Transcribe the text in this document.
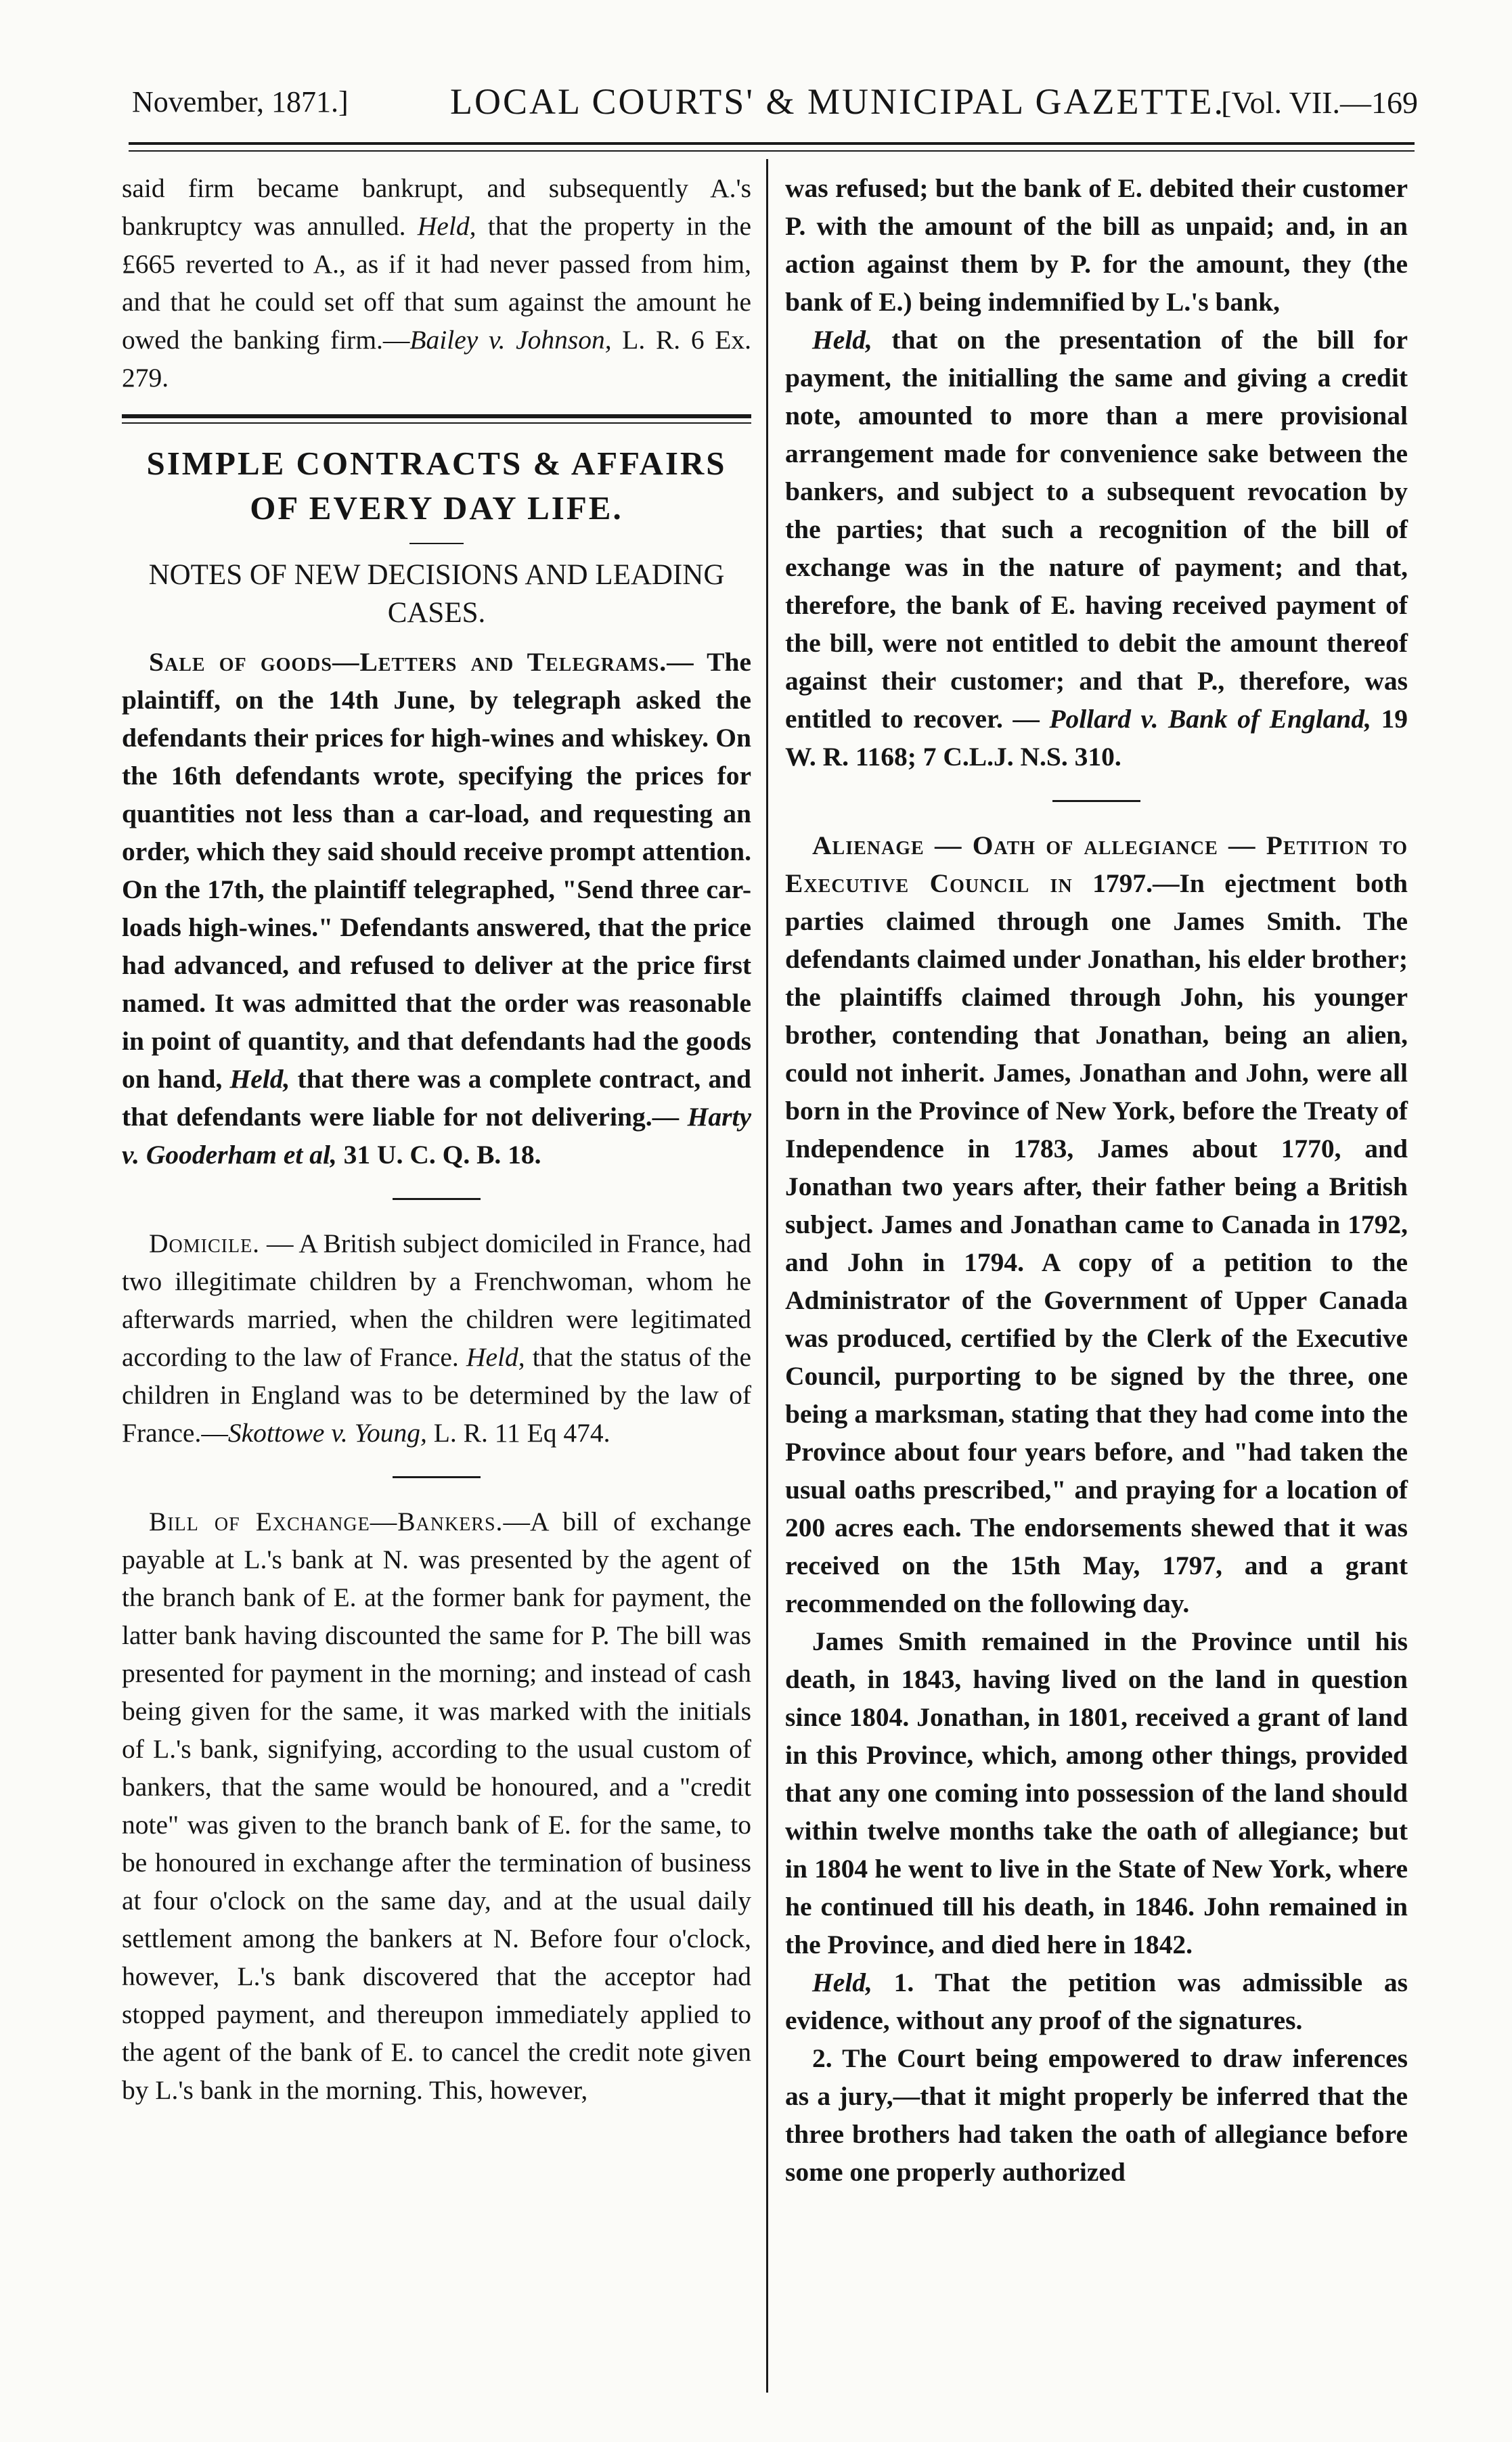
November, 1871.]	LOCAL COURTS' & MUNICIPAL GAZETTE.
[Vol. VII.—169

said firm became bankrupt, and subsequently A.'s bankruptcy was annulled. Held, that the property in the £665 reverted to A., as if it had never passed from him, and that he could set off that sum against the amount he owed the banking firm.—Bailey v. Johnson, L. R. 6 Ex. 279.

SIMPLE CONTRACTS & AFFAIRS

OF EVERY DAY LIFE.

NOTES OF NEW DECISIONS AND LEADING

CASES.

Sale of goods—Letters and Telegrams.— The plaintiff, on the 14th June, by telegraph asked the defendants their prices for high-wines and whiskey. On the 16th defendants wrote, specifying the prices for quantities not less than a car-load, and requesting an order, which they said should receive prompt attention. On the 17th, the plaintiff telegraphed, "Send three car-loads high-wines." Defendants answered, that the price had advanced, and refused to deliver at the price first named. It was admitted that the order was reasonable in point of quantity, and that defendants had the goods on hand, Held, that there was a complete contract, and that defendants were liable for not delivering.— Harty v. Gooderham et al, 31 U. C. Q. B. 18.

Domicile. — A British subject domiciled in France, had two illegitimate children by a Frenchwoman, whom he afterwards married, when the children were legitimated according to the law of France. Held, that the status of the children in England was to be determined by the law of France.—Skottowe v. Young, L. R. 11 Eq 474.

Bill of Exchange—Bankers.—A bill of exchange payable at L.'s bank at N. was presented by the agent of the branch bank of E. at the former bank for payment, the latter bank having discounted the same for P. The bill was presented for payment in the morning; and instead of cash being given for the same, it was marked with the initials of L.'s bank, signifying, according to the usual custom of bankers, that the same would be honoured, and a "credit note" was given to the branch bank of E. for the same, to be honoured in exchange after the termination of business at four o'clock on the same day, and at the usual daily settlement among the bankers at N. Before four o'clock, however, L.'s bank discovered that the acceptor had stopped payment, and thereupon immediately applied to the agent of the bank of E. to cancel the credit note given by L.'s bank in the morning. This, however,

was refused; but the bank of E. debited their customer P. with the amount of the bill as unpaid; and, in an action against them by P. for the amount, they (the bank of E.) being indemnified by L.'s bank,

Held, that on the presentation of the bill for payment, the initialling the same and giving a credit note, amounted to more than a mere provisional arrangement made for convenience sake between the bankers, and subject to a subsequent revocation by the parties; that such a recognition of the bill of exchange was in the nature of payment; and that, therefore, the bank of E. having received payment of the bill, were not entitled to debit the amount thereof against their customer; and that P., therefore, was entitled to recover. — Pollard v. Bank of England, 19 W. R. 1168; 7 C.L.J. N.S. 310.

Alienage — Oath of allegiance — Petition to Executive Council in 1797.—In ejectment both parties claimed through one James Smith. The defendants claimed under Jonathan, his elder brother; the plaintiffs claimed through John, his younger brother, contending that Jonathan, being an alien, could not inherit. James, Jonathan and John, were all born in the Province of New York, before the Treaty of Independence in 1783, James about 1770, and Jonathan two years after, their father being a British subject. James and Jonathan came to Canada in 1792, and John in 1794. A copy of a petition to the Administrator of the Government of Upper Canada was produced, certified by the Clerk of the Executive Council, purporting to be signed by the three, one being a marksman, stating that they had come into the Province about four years before, and "had taken the usual oaths prescribed," and praying for a location of 200 acres each. The endorsements shewed that it was received on the 15th May, 1797, and a grant recommended on the following day.

James Smith remained in the Province until his death, in 1843, having lived on the land in question since 1804. Jonathan, in 1801, received a grant of land in this Province, which, among other things, provided that any one coming into possession of the land should within twelve months take the oath of allegiance; but in 1804 he went to live in the State of New York, where he continued till his death, in 1846. John remained in the Province, and died here in 1842.

Held, 1. That the petition was admissible as evidence, without any proof of the signatures.

2. The Court being empowered to draw inferences as a jury,—that it might properly be inferred that the three brothers had taken the oath of allegiance before some one properly authorized
